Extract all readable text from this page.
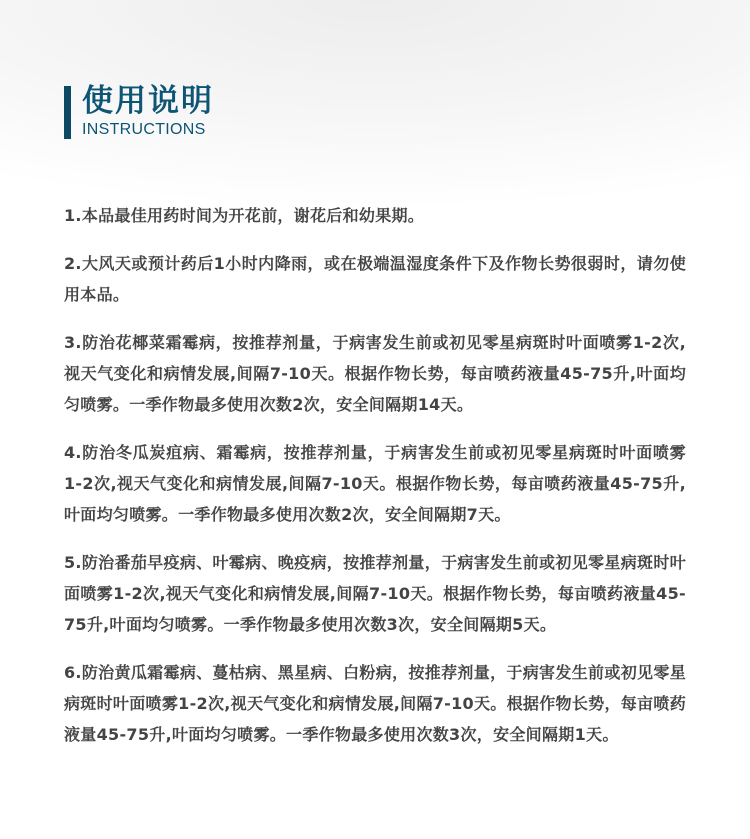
使用说明
INSTRUCTIONS

1.本品最佳用药时间为开花前，谢花后和幼果期。

2.大风天或预计药后1小时内降雨，或在极端温湿度条件下及作物长势很弱时，请勿使用本品。

3.防治花椰菜霜霉病，按推荐剂量，于病害发生前或初见零星病斑时叶面喷雾1-2次,视天气变化和病情发展,间隔7-10天。根据作物长势，每亩喷药液量45-75升,叶面均匀喷雾。一季作物最多使用次数2次，安全间隔期14天。

4.防治冬瓜炭疽病、霜霉病，按推荐剂量，于病害发生前或初见零星病斑时叶面喷雾1-2次,视天气变化和病情发展,间隔7-10天。根据作物长势，每亩喷药液量45-75升,叶面均匀喷雾。一季作物最多使用次数2次，安全间隔期7天。

5.防治番茄早疫病、叶霉病、晚疫病，按推荐剂量，于病害发生前或初见零星病斑时叶面喷雾1-2次,视天气变化和病情发展,间隔7-10天。根据作物长势，每亩喷药液量45-75升,叶面均匀喷雾。一季作物最多使用次数3次，安全间隔期5天。

6.防治黄瓜霜霉病、蔓枯病、黑星病、白粉病，按推荐剂量，于病害发生前或初见零星病斑时叶面喷雾1-2次,视天气变化和病情发展,间隔7-10天。根据作物长势，每亩喷药液量45-75升,叶面均匀喷雾。一季作物最多使用次数3次，安全间隔期1天。
